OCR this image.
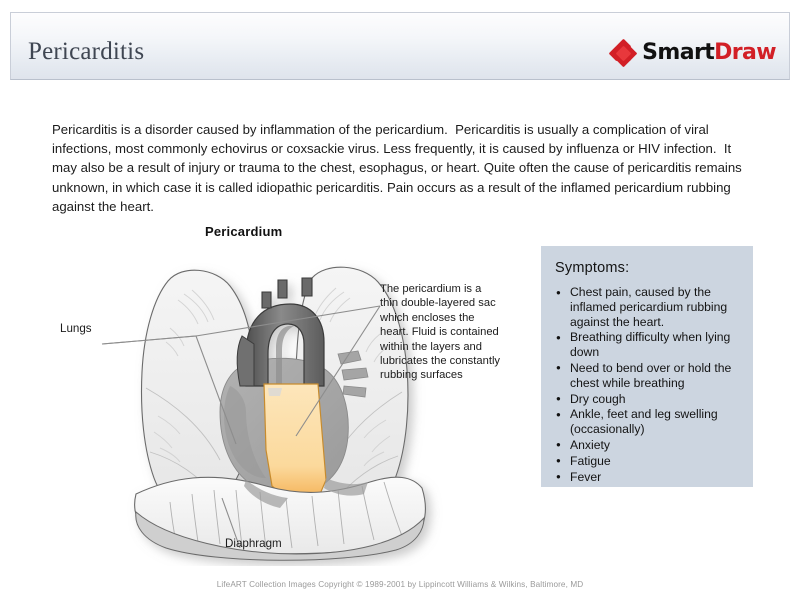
Pericarditis	Smart Draw
Pericarditis is a disorder caused by inflammation of the pericardium.  Pericarditis is usually a complication of viral infections, most commonly echovirus or coxsackie virus. Less frequently, it is caused by influenza or HIV infection.  It may also be a result of injury or trauma to the chest, esophagus, or heart. Quite often the cause of pericarditis remains unknown, in which case it is called idiopathic pericarditis. Pain occurs as a result of the inflamed pericardium rubbing against the heart.
Pericardium
Lungs
Diaphragm
The pericardium is a thin double-layered sac which encloses the heart. Fluid is contained within the layers and lubricates the constantly rubbing surfaces
Symptoms:
● Chest pain, caused by the inflamed pericardium rubbing against the heart.
● Breathing difficulty when lying down
● Need to bend over or hold the chest while breathing
● Dry cough
● Ankle, feet and leg swelling (occasionally)
● Anxiety
● Fatigue
● Fever
LifeART Collection Images Copyright © 1989-2001 by Lippincott Williams & Wilkins, Baltimore, MD
